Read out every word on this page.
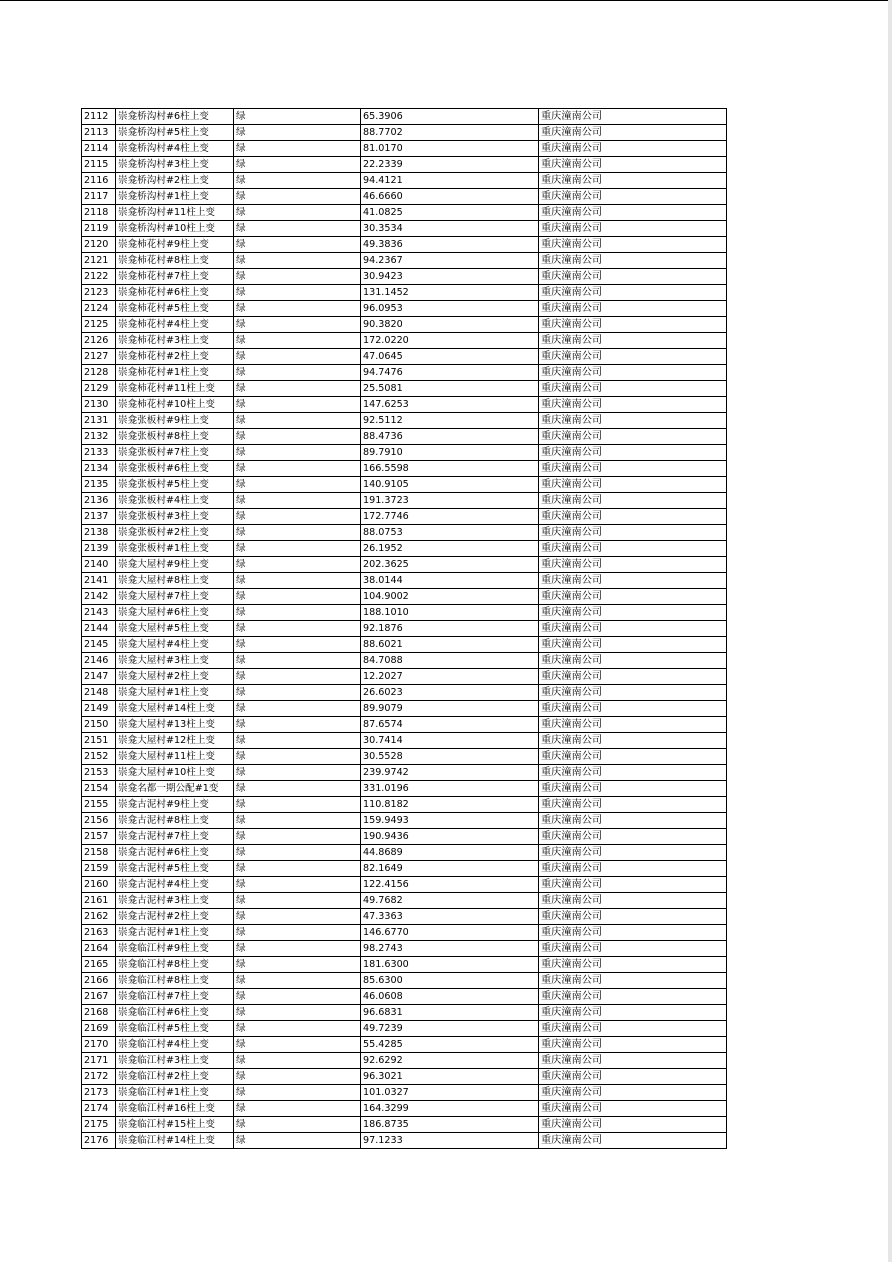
2112	崇龛桥沟村#6柱上变	绿	65.3906	重庆潼南公司
2113	崇龛桥沟村#5柱上变	绿	88.7702	重庆潼南公司
2114	崇龛桥沟村#4柱上变	绿	81.0170	重庆潼南公司
2115	崇龛桥沟村#3柱上变	绿	22.2339	重庆潼南公司
2116	崇龛桥沟村#2柱上变	绿	94.4121	重庆潼南公司
2117	崇龛桥沟村#1柱上变	绿	46.6660	重庆潼南公司
2118	崇龛桥沟村#11柱上变	绿	41.0825	重庆潼南公司
2119	崇龛桥沟村#10柱上变	绿	30.3534	重庆潼南公司
2120	崇龛柿花村#9柱上变	绿	49.3836	重庆潼南公司
2121	崇龛柿花村#8柱上变	绿	94.2367	重庆潼南公司
2122	崇龛柿花村#7柱上变	绿	30.9423	重庆潼南公司
2123	崇龛柿花村#6柱上变	绿	131.1452	重庆潼南公司
2124	崇龛柿花村#5柱上变	绿	96.0953	重庆潼南公司
2125	崇龛柿花村#4柱上变	绿	90.3820	重庆潼南公司
2126	崇龛柿花村#3柱上变	绿	172.0220	重庆潼南公司
2127	崇龛柿花村#2柱上变	绿	47.0645	重庆潼南公司
2128	崇龛柿花村#1柱上变	绿	94.7476	重庆潼南公司
2129	崇龛柿花村#11柱上变	绿	25.5081	重庆潼南公司
2130	崇龛柿花村#10柱上变	绿	147.6253	重庆潼南公司
2131	崇龛张板村#9柱上变	绿	92.5112	重庆潼南公司
2132	崇龛张板村#8柱上变	绿	88.4736	重庆潼南公司
2133	崇龛张板村#7柱上变	绿	89.7910	重庆潼南公司
2134	崇龛张板村#6柱上变	绿	166.5598	重庆潼南公司
2135	崇龛张板村#5柱上变	绿	140.9105	重庆潼南公司
2136	崇龛张板村#4柱上变	绿	191.3723	重庆潼南公司
2137	崇龛张板村#3柱上变	绿	172.7746	重庆潼南公司
2138	崇龛张板村#2柱上变	绿	88.0753	重庆潼南公司
2139	崇龛张板村#1柱上变	绿	26.1952	重庆潼南公司
2140	崇龛大屋村#9柱上变	绿	202.3625	重庆潼南公司
2141	崇龛大屋村#8柱上变	绿	38.0144	重庆潼南公司
2142	崇龛大屋村#7柱上变	绿	104.9002	重庆潼南公司
2143	崇龛大屋村#6柱上变	绿	188.1010	重庆潼南公司
2144	崇龛大屋村#5柱上变	绿	92.1876	重庆潼南公司
2145	崇龛大屋村#4柱上变	绿	88.6021	重庆潼南公司
2146	崇龛大屋村#3柱上变	绿	84.7088	重庆潼南公司
2147	崇龛大屋村#2柱上变	绿	12.2027	重庆潼南公司
2148	崇龛大屋村#1柱上变	绿	26.6023	重庆潼南公司
2149	崇龛大屋村#14柱上变	绿	89.9079	重庆潼南公司
2150	崇龛大屋村#13柱上变	绿	87.6574	重庆潼南公司
2151	崇龛大屋村#12柱上变	绿	30.7414	重庆潼南公司
2152	崇龛大屋村#11柱上变	绿	30.5528	重庆潼南公司
2153	崇龛大屋村#10柱上变	绿	239.9742	重庆潼南公司
2154	崇龛名都一期公配#1变	绿	331.0196	重庆潼南公司
2155	崇龛古泥村#9柱上变	绿	110.8182	重庆潼南公司
2156	崇龛古泥村#8柱上变	绿	159.9493	重庆潼南公司
2157	崇龛古泥村#7柱上变	绿	190.9436	重庆潼南公司
2158	崇龛古泥村#6柱上变	绿	44.8689	重庆潼南公司
2159	崇龛古泥村#5柱上变	绿	82.1649	重庆潼南公司
2160	崇龛古泥村#4柱上变	绿	122.4156	重庆潼南公司
2161	崇龛古泥村#3柱上变	绿	49.7682	重庆潼南公司
2162	崇龛古泥村#2柱上变	绿	47.3363	重庆潼南公司
2163	崇龛古泥村#1柱上变	绿	146.6770	重庆潼南公司
2164	崇龛临江村#9柱上变	绿	98.2743	重庆潼南公司
2165	崇龛临江村#8柱上变	绿	181.6300	重庆潼南公司
2166	崇龛临江村#8柱上变	绿	85.6300	重庆潼南公司
2167	崇龛临江村#7柱上变	绿	46.0608	重庆潼南公司
2168	崇龛临江村#6柱上变	绿	96.6831	重庆潼南公司
2169	崇龛临江村#5柱上变	绿	49.7239	重庆潼南公司
2170	崇龛临江村#4柱上变	绿	55.4285	重庆潼南公司
2171	崇龛临江村#3柱上变	绿	92.6292	重庆潼南公司
2172	崇龛临江村#2柱上变	绿	96.3021	重庆潼南公司
2173	崇龛临江村#1柱上变	绿	101.0327	重庆潼南公司
2174	崇龛临江村#16柱上变	绿	164.3299	重庆潼南公司
2175	崇龛临江村#15柱上变	绿	186.8735	重庆潼南公司
2176	崇龛临江村#14柱上变	绿	97.1233	重庆潼南公司
